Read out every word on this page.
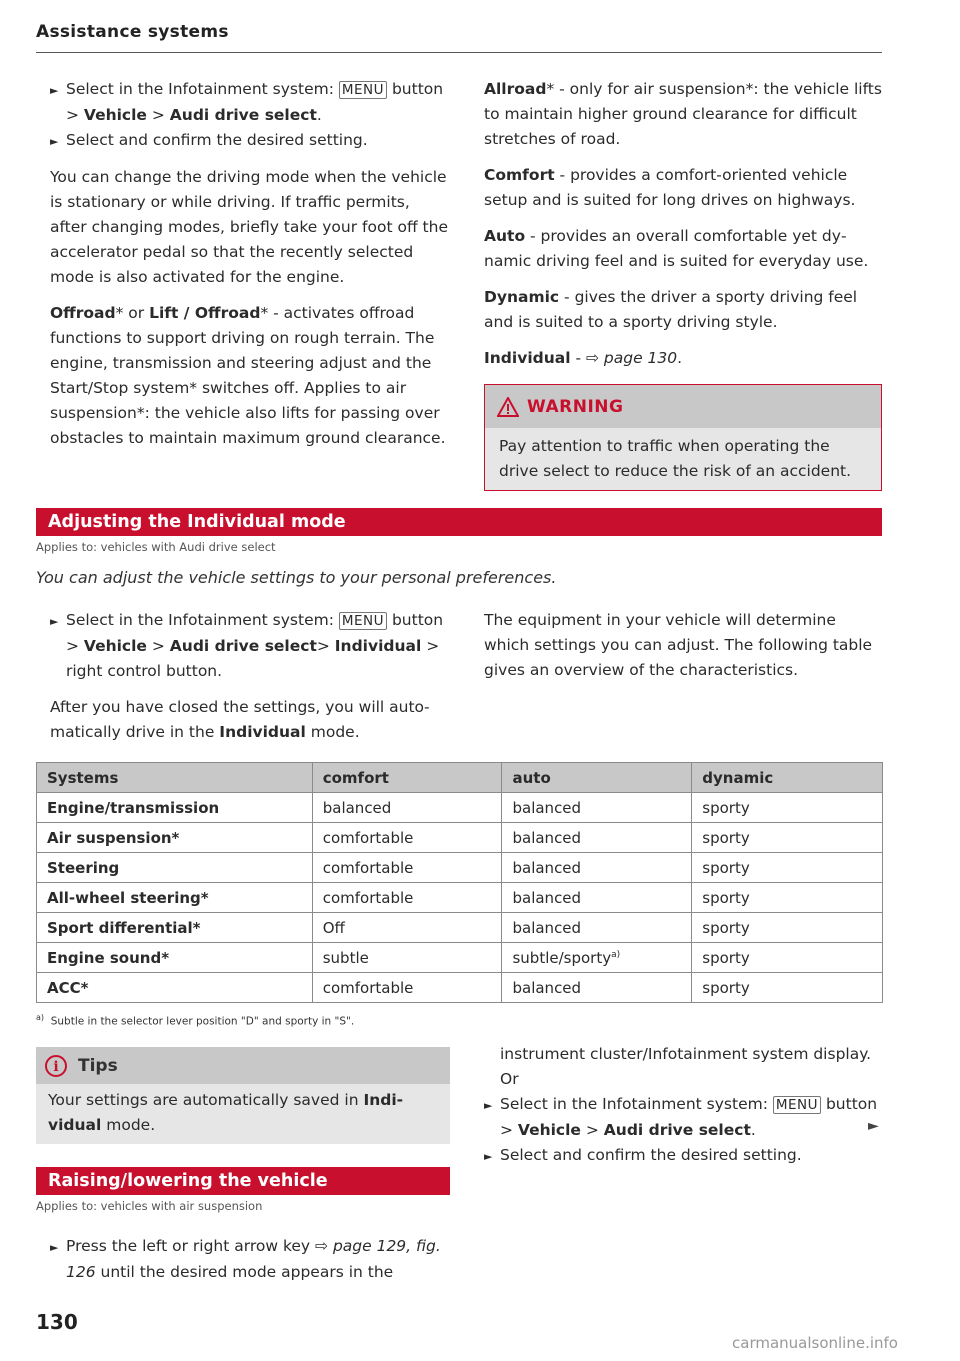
Assistance systems

► Select in the Infotainment system: MENU button > Vehicle > Audi drive select.

► Select and confirm the desired setting.

You can change the driving mode when the vehicle is stationary or while driving. If traffic permits, after changing modes, briefly take your foot off the accelerator pedal so that the recently selected mode is also activated for the engine.

Offroad* or Lift / Offroad* - activates offroad functions to support driving on rough terrain. The engine, transmission and steering adjust and the Start/Stop system* switches off. Applies to air suspension*: the vehicle also lifts for passing over obstacles to maintain maximum ground clearance.

Allroad* - only for air suspension*: the vehicle lifts to maintain higher ground clearance for difficult stretches of road.

Comfort - provides a comfort-oriented vehicle setup and is suited for long drives on highways.

Auto - provides an overall comfortable yet dynamic driving feel and is suited for everyday use.

Dynamic - gives the driver a sporty driving feel and is suited to a sporty driving style.

Individual - ⇨ page 130.

WARNING
Pay attention to traffic when operating the drive select to reduce the risk of an accident.
Adjusting the Individual mode
Applies to: vehicles with Audi drive select
You can adjust the vehicle settings to your personal preferences.

► Select in the Infotainment system: MENU button > Vehicle > Audi drive select> Individual > right control button.

After you have closed the settings, you will automatically drive in the Individual mode.

The equipment in your vehicle will determine which settings you can adjust. The following table gives an overview of the characteristics.

Systems	comfort	auto	dynamic
Engine/transmission	balanced	balanced	sporty
Air suspension*	comfortable	balanced	sporty
Steering	comfortable	balanced	sporty
All-wheel steering*	comfortable	balanced	sporty
Sport differential*	Off	balanced	sporty
Engine sound*	subtle	subtle/sporty$^{a)}$	sporty
ACC*	comfortable	balanced	sporty
$^{a)}$ Subtle in the selector lever position "D" and sporty in "S".
i Tips
Your settings are automatically saved in Individual mode.
Raising/lowering the vehicle
Applies to: vehicles with air suspension

► Press the left or right arrow key ⇨ page 129, fig. 126 until the desired mode appears in the

instrument cluster/Infotainment system display. Or

► Select in the Infotainment system: MENU button > Vehicle > Audi drive select.

► Select and confirm the desired setting.

►
130
carmanualsonline.info
